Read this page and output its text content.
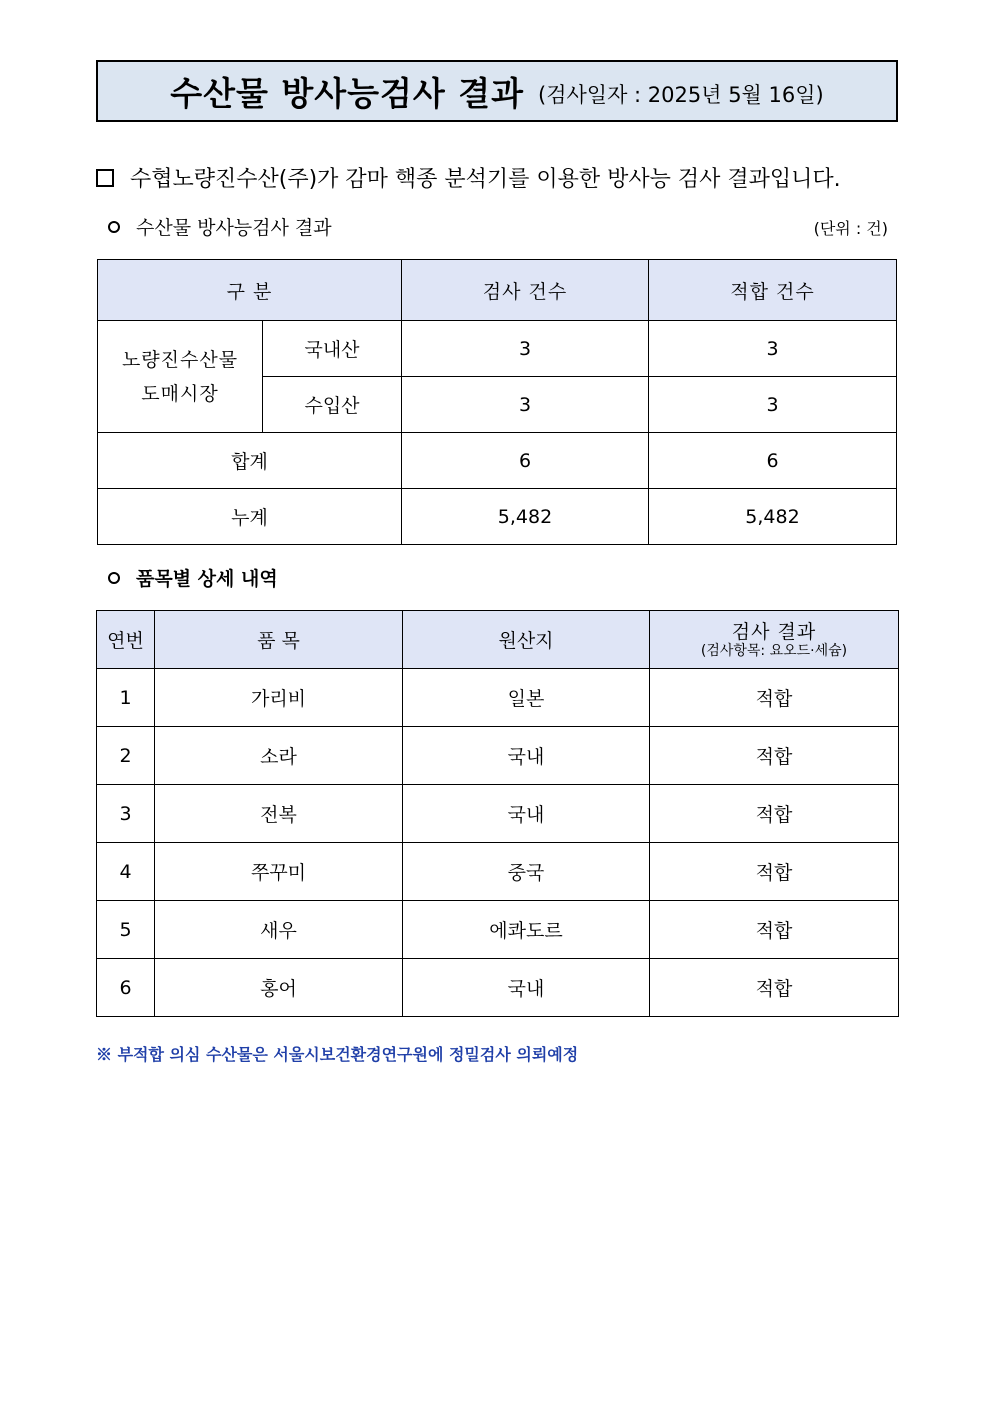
수산물 방사능검사 결과 (검사일자 : 2025년 5월 16일)
수협노량진수산(주)가 감마 핵종 분석기를 이용한 방사능 검사 결과입니다.
수산물 방사능검사 결과	(단위 : 건)
구 분		검사 건수	적합 건수
노량진수산물
도매시장	국내산	3	3
	수입산	3	3
합계		6	6
누계		5,482	5,482
품목별 상세 내역
연번	품 목	원산지	검사 결과
(검사항목: 요오드·세슘)

1	가리비	일본	적합
2	소라	국내	적합
3	전복	국내	적합
4	쭈꾸미	중국	적합
5	새우	에콰도르	적합
6	홍어	국내	적합
※ 부적합 의심 수산물은 서울시보건환경연구원에 정밀검사 의뢰예정
